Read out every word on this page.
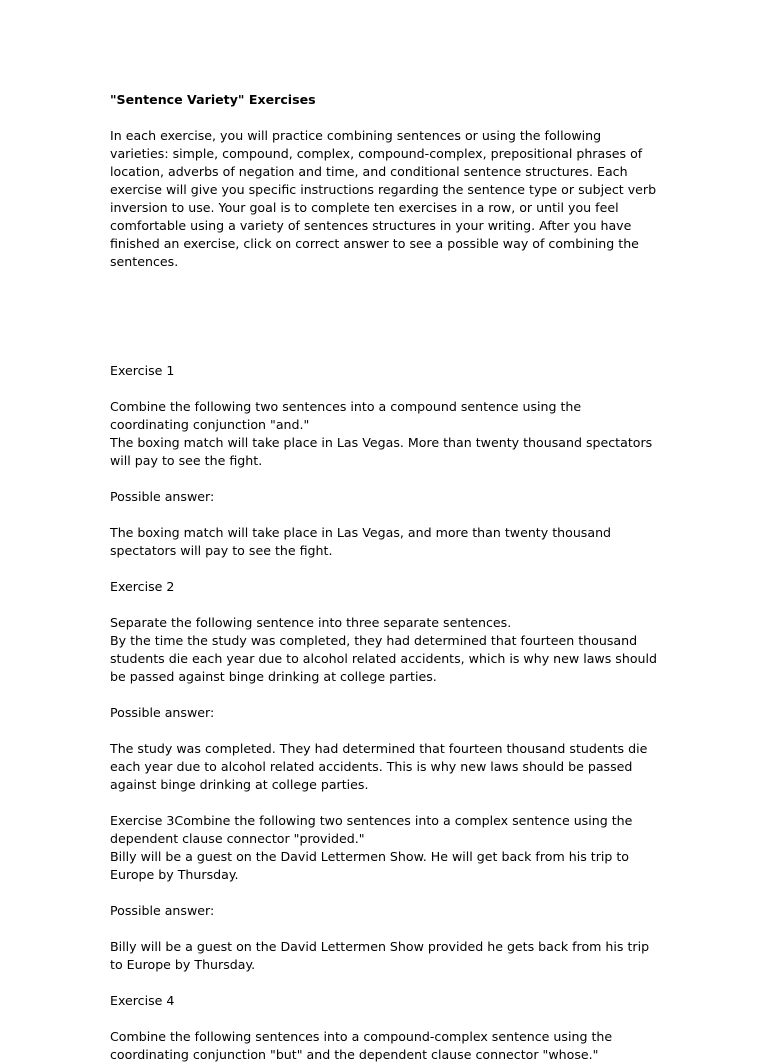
"Sentence Variety" Exercises

In each exercise, you will practice combining sentences or using the following varieties: simple, compound, complex, compound-complex, prepositional phrases of location, adverbs of negation and time, and conditional sentence structures. Each exercise will give you specific instructions regarding the sentence type or subject verb inversion to use. Your goal is to complete ten exercises in a row, or until you feel comfortable using a variety of sentences structures in your writing. After you have finished an exercise, click on correct answer to see a possible way of combining the sentences.

Exercise 1

Combine the following two sentences into a compound sentence using the coordinating conjunction "and."

The boxing match will take place in Las Vegas. More than twenty thousand spectators will pay to see the fight.

Possible answer:

The boxing match will take place in Las Vegas, and more than twenty thousand spectators will pay to see the fight.

Exercise 2

Separate the following sentence into three separate sentences.

By the time the study was completed, they had determined that fourteen thousand students die each year due to alcohol related accidents, which is why new laws should be passed against binge drinking at college parties.

Possible answer:

The study was completed. They had determined that fourteen thousand students die each year due to alcohol related accidents. This is why new laws should be passed against binge drinking at college parties.

Exercise 3Combine the following two sentences into a complex sentence using the dependent clause connector "provided."

Billy will be a guest on the David Lettermen Show. He will get back from his trip to Europe by Thursday.

Possible answer:

Billy will be a guest on the David Lettermen Show provided he gets back from his trip to Europe by Thursday.

Exercise 4

Combine the following sentences into a compound-complex sentence using the coordinating conjunction "but" and the dependent clause connector "whose."
